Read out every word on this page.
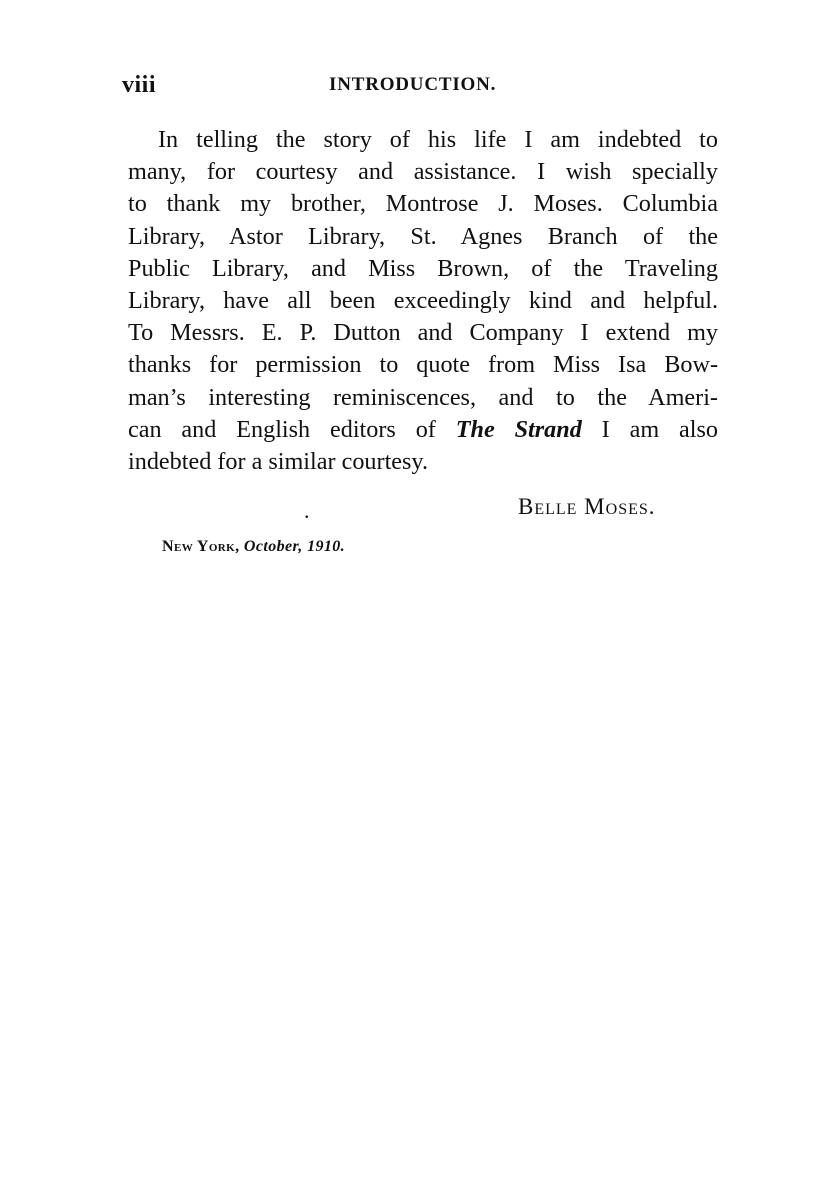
viii	INTRODUCTION.

In telling the story of his life I am indebted to
many, for courtesy and assistance. I wish specially
to thank my brother, Montrose J. Moses. Columbia
Library, Astor Library, St. Agnes Branch of the
Public Library, and Miss Brown, of the Traveling
Library, have all been exceedingly kind and helpful.
To Messrs. E. P. Dutton and Company I extend my
thanks for permission to quote from Miss Isa Bow-
man’s interesting reminiscences, and to the Ameri-
can and English editors of The Strand I am also
indebted for a similar courtesy.

.	Belle Moses.
New York, October, 1910.
